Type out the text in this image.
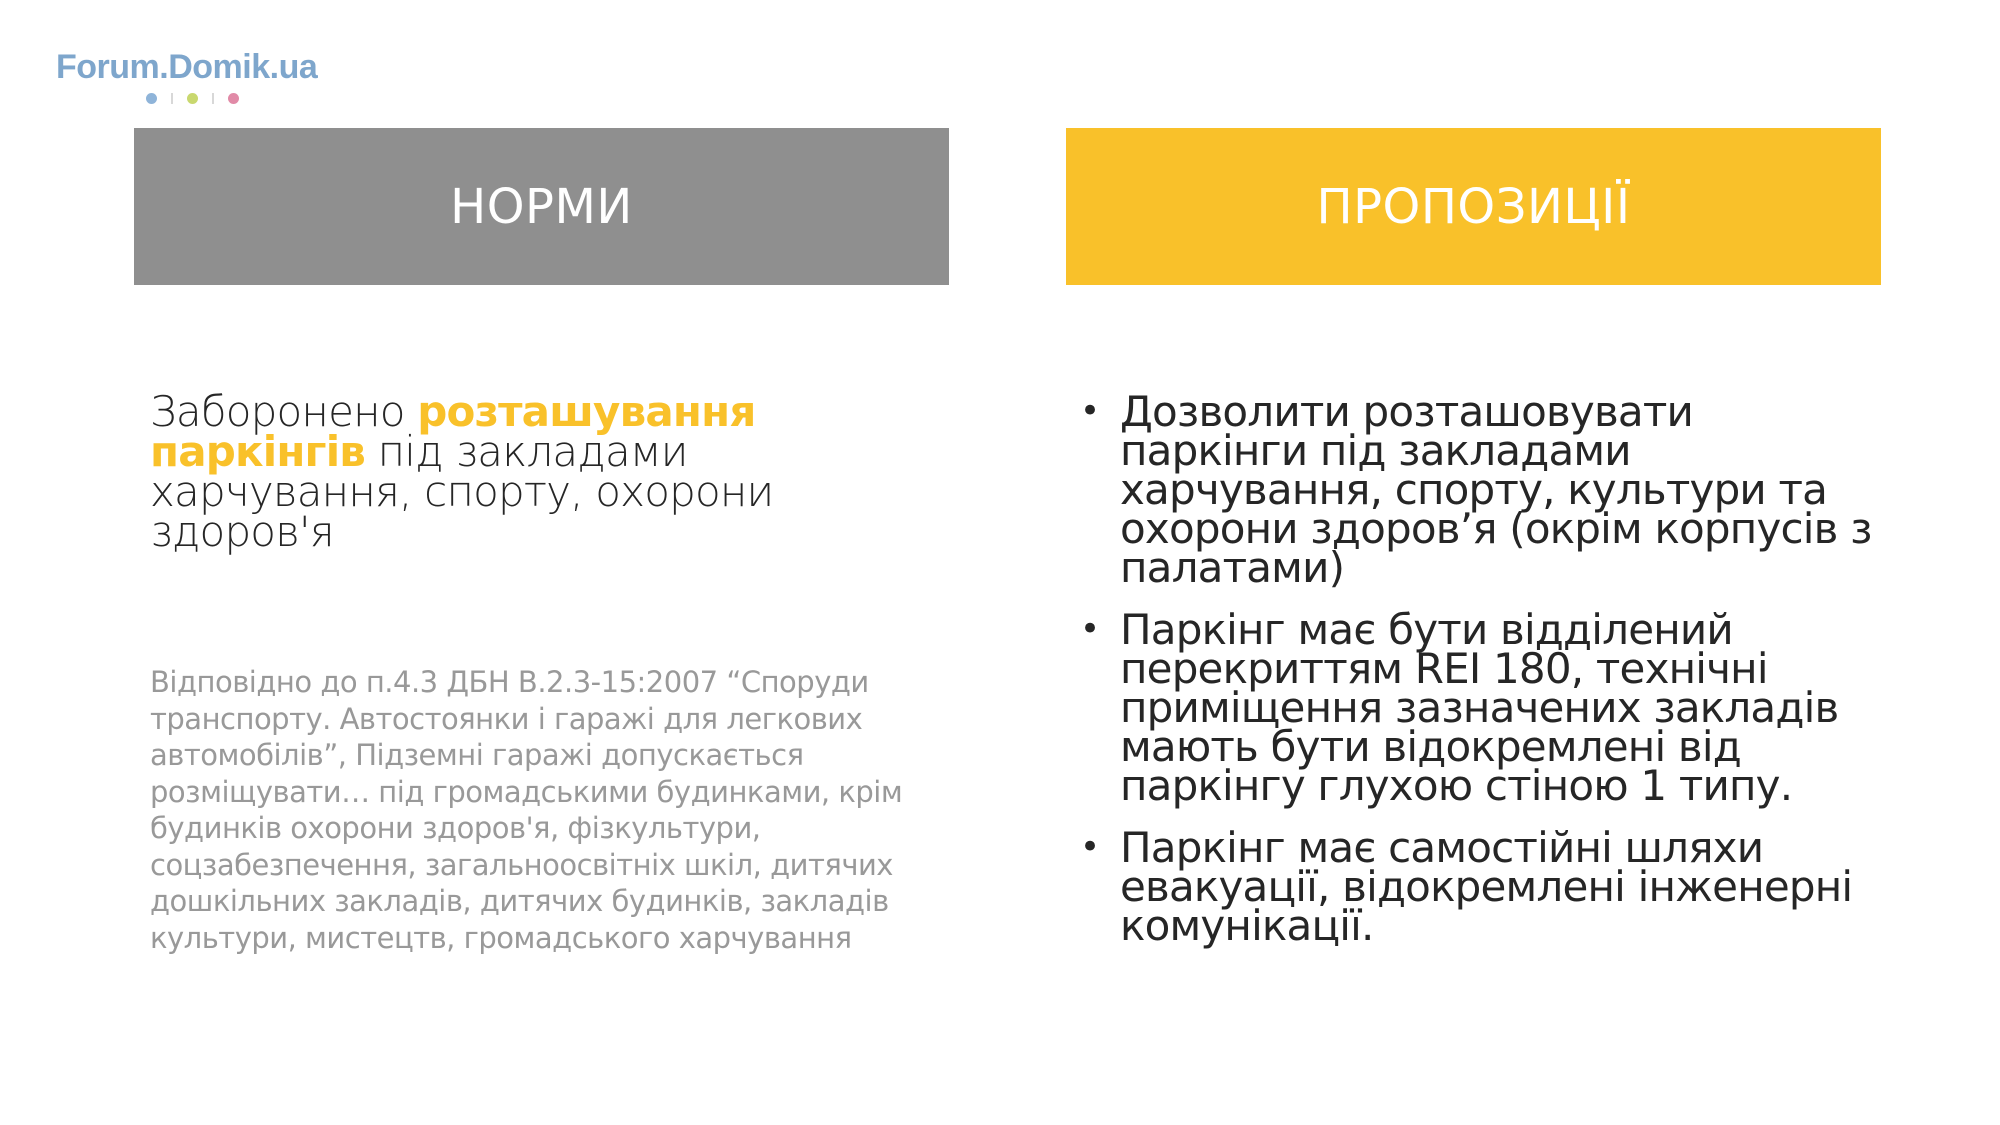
Forum.Domik.ua
НОРМИ	ПРОПОЗИЦІЇ

Заборонено розташування паркінгів під закладами харчування, спорту, охорони здоров'я

Відповідно до п.4.3 ДБН В.2.3-15:2007 “Споруди транспорту. Автостоянки і гаражі для легкових автомобілів”, Підземні гаражі допускається розміщувати… під громадськими будинками, крім будинків охорони здоров'я, фізкультури, соцзабезпечення, загальноосвітніх шкіл, дитячих дошкільних закладів, дитячих будинків, закладів культури, мистецтв, громадського харчування
• Дозволити розташовувати паркінги під закладами харчування, спорту, культури та охорони здоров’я (окрім корпусів з палатами)
• Паркінг має бути відділений перекриттям REI 180, технічні приміщення зазначених закладів мають бути відокремлені від паркінгу глухою стіною 1 типу.
• Паркінг має самостійні шляхи евакуації, відокремлені інженерні комунікації.
